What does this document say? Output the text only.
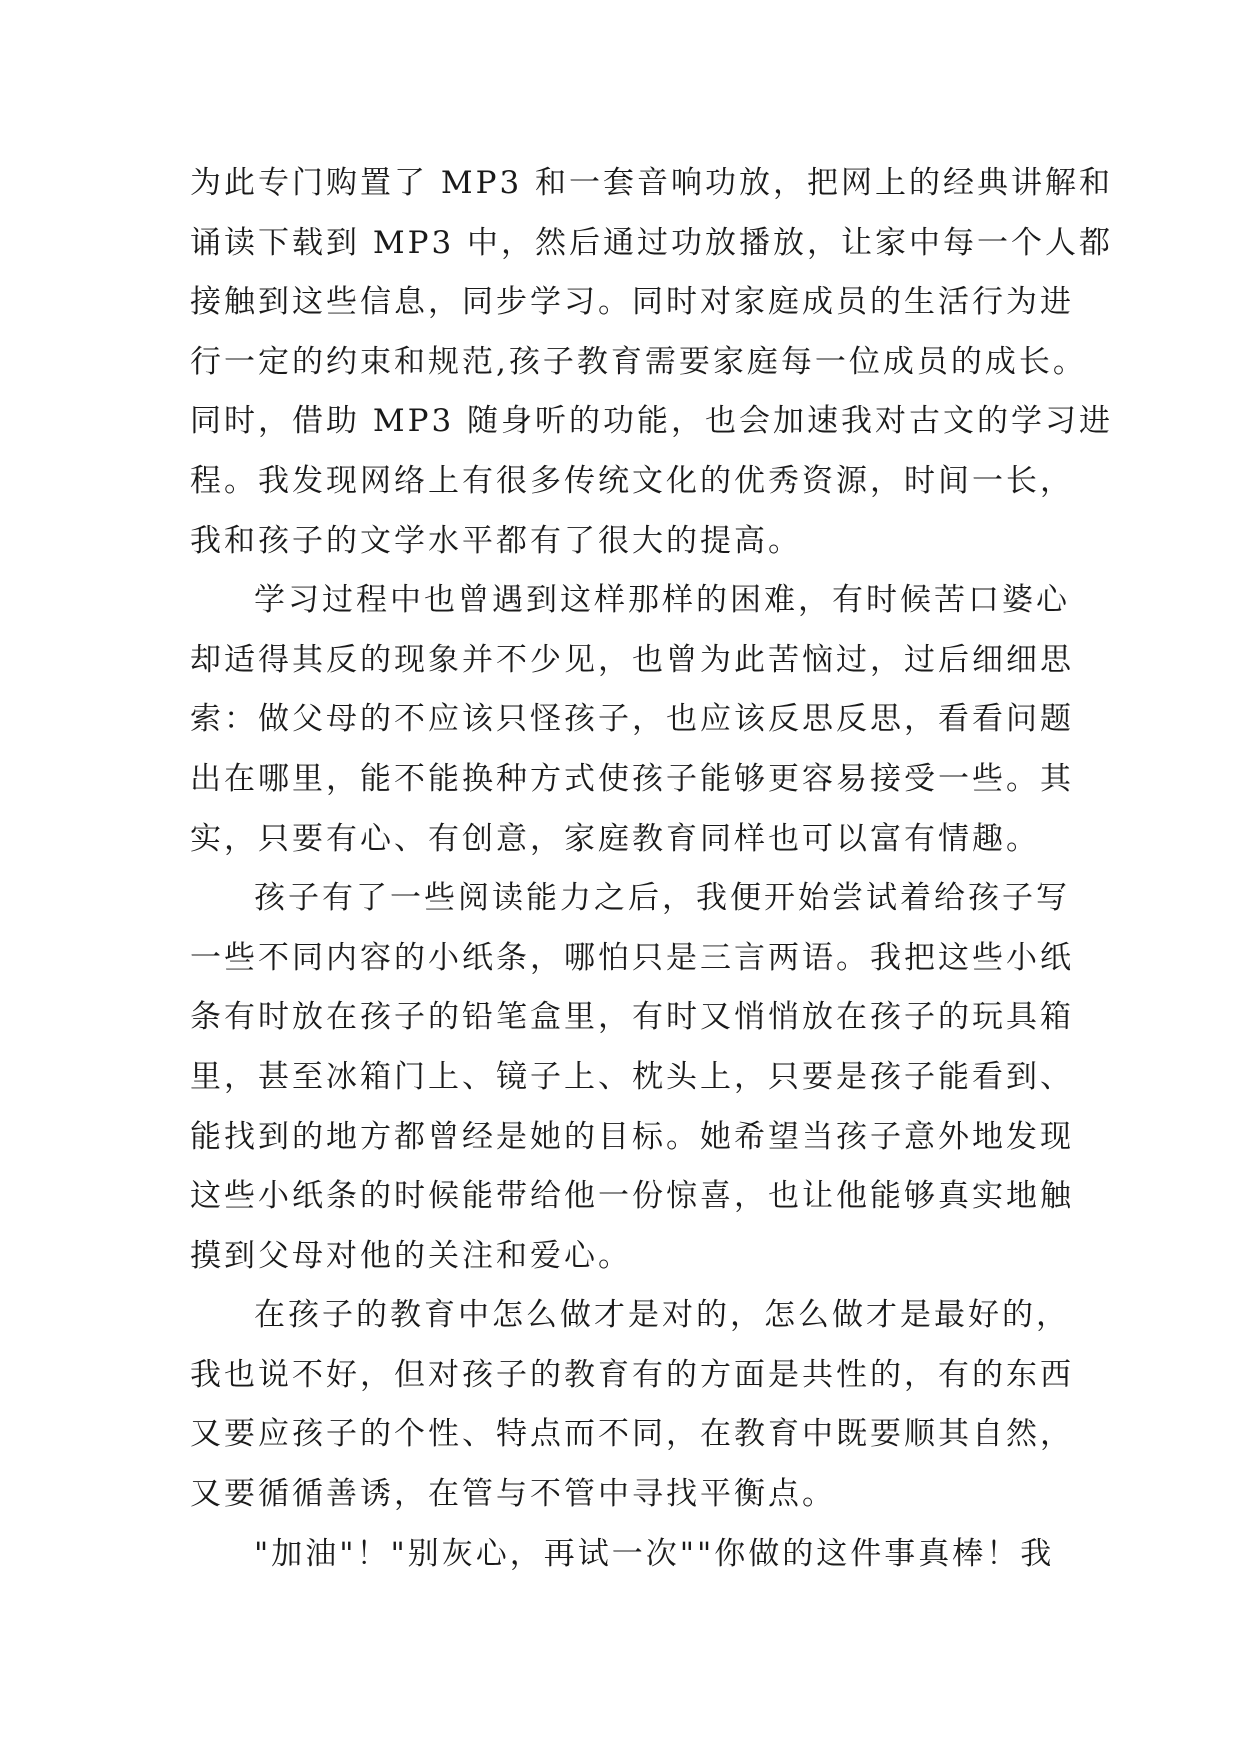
为此专门购置了 MP3 和一套音响功放，把网上的经典讲解和
诵读下载到 MP3 中，然后通过功放播放，让家中每一个人都
接触到这些信息，同步学习。同时对家庭成员的生活行为进
行一定的约束和规范,孩子教育需要家庭每一位成员的成长。
同时，借助 MP3 随身听的功能，也会加速我对古文的学习进
程。我发现网络上有很多传统文化的优秀资源，时间一长，
我和孩子的文学水平都有了很大的提高。
学习过程中也曾遇到这样那样的困难，有时候苦口婆心
却适得其反的现象并不少见，也曾为此苦恼过，过后细细思
索：做父母的不应该只怪孩子，也应该反思反思，看看问题
出在哪里，能不能换种方式使孩子能够更容易接受一些。其
实，只要有心、有创意，家庭教育同样也可以富有情趣。
孩子有了一些阅读能力之后，我便开始尝试着给孩子写
一些不同内容的小纸条，哪怕只是三言两语。我把这些小纸
条有时放在孩子的铅笔盒里，有时又悄悄放在孩子的玩具箱
里，甚至冰箱门上、镜子上、枕头上，只要是孩子能看到、
能找到的地方都曾经是她的目标。她希望当孩子意外地发现
这些小纸条的时候能带给他一份惊喜，也让他能够真实地触
摸到父母对他的关注和爱心。
在孩子的教育中怎么做才是对的，怎么做才是最好的，
我也说不好，但对孩子的教育有的方面是共性的，有的东西
又要应孩子的个性、特点而不同，在教育中既要顺其自然，
又要循循善诱，在管与不管中寻找平衡点。
"加油"！"别灰心，再试一次""你做的这件事真棒！我
